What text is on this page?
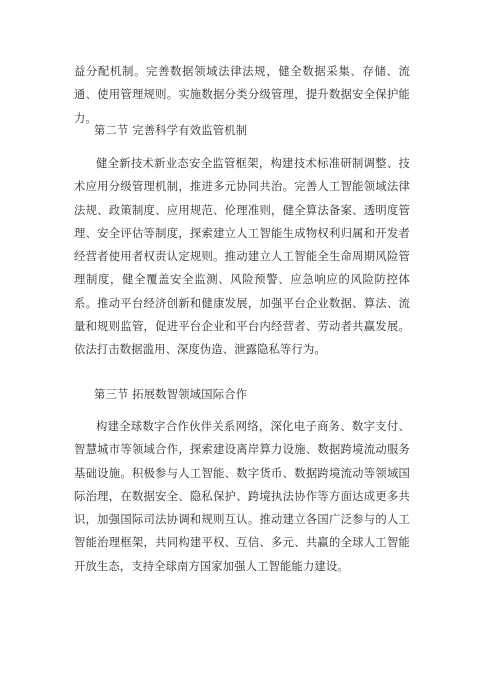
益分配机制。完善数据领域法律法规，健全数据采集、存储、流通、使用管理规则。实施数据分类分级管理，提升数据安全保护能力。
第二节 完善科学有效监管机制
健全新技术新业态安全监管框架，构建技术标准研制调整、技术应用分级管理机制，推进多元协同共治。完善人工智能领域法律法规、政策制度、应用规范、伦理准则，健全算法备案、透明度管理、安全评估等制度，探索建立人工智能生成物权利归属和开发者经营者使用者权责认定规则。推动建立人工智能全生命周期风险管理制度，健全覆盖安全监测、风险预警、应急响应的风险防控体系。推动平台经济创新和健康发展，加强平台企业数据、算法、流量和规则监管，促进平台企业和平台内经营者、劳动者共赢发展。依法打击数据滥用、深度伪造、泄露隐私等行为。
第三节 拓展数智领域国际合作
构建全球数字合作伙伴关系网络，深化电子商务、数字支付、智慧城市等领域合作，探索建设离岸算力设施、数据跨境流动服务基础设施。积极参与人工智能、数字货币、数据跨境流动等领域国际治理，在数据安全、隐私保护、跨境执法协作等方面达成更多共识，加强国际司法协调和规则互认。推动建立各国广泛参与的人工智能治理框架，共同构建平权、互信、多元、共赢的全球人工智能开放生态，支持全球南方国家加强人工智能能力建设。
